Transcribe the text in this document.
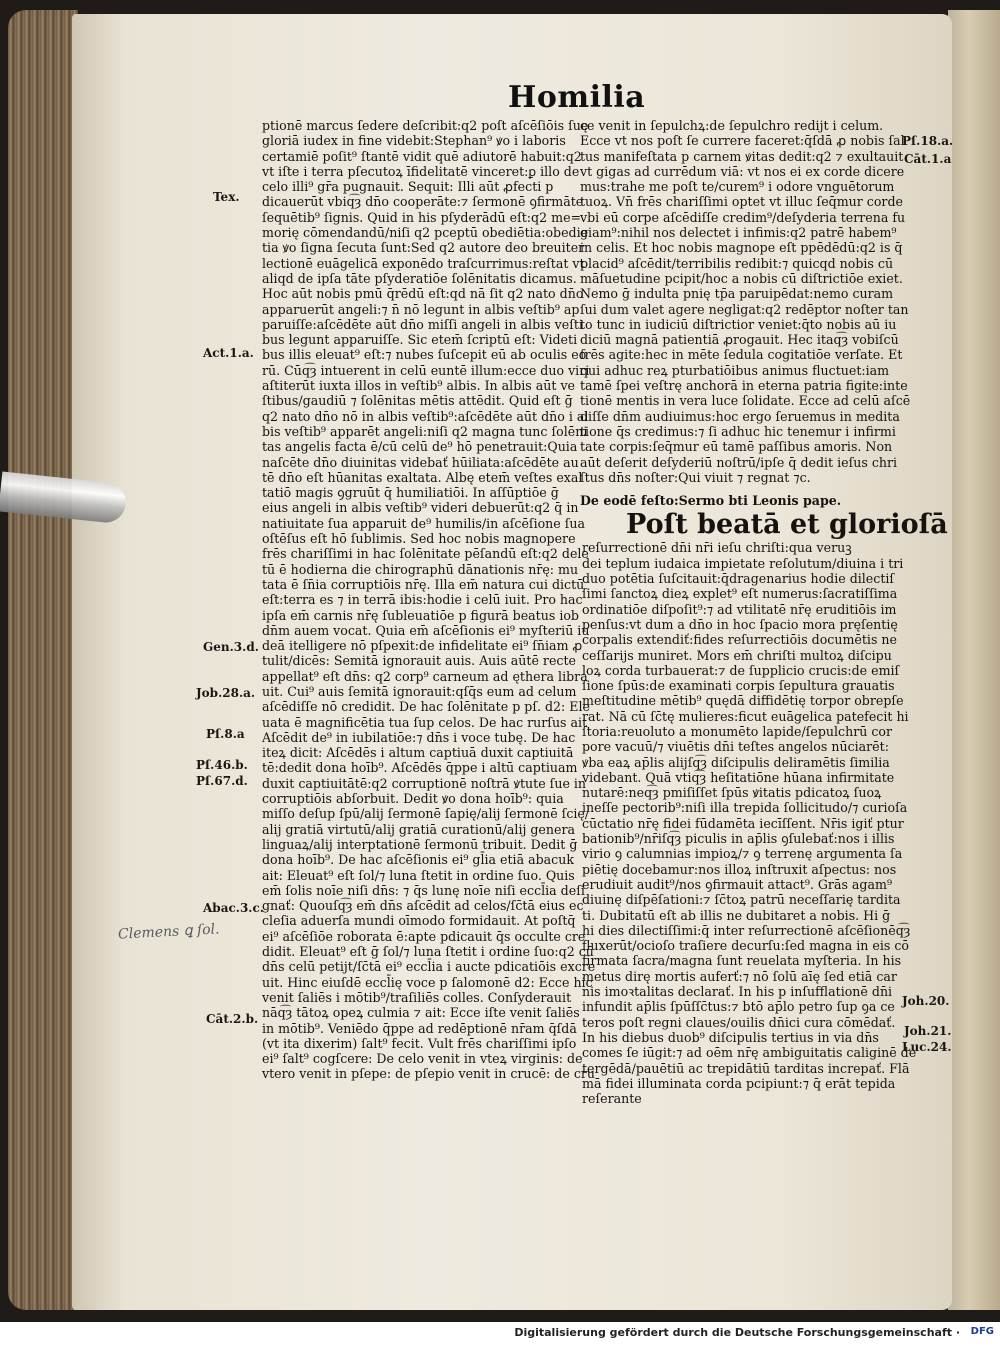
Homilia
ptionē marcus ſedere deſcribit:q2 poſt aſcēſiōis ſuę
gloriā iudex in fine videbit:Stephan⁹ ꝟo i laboris
certamiē poſit⁹ ſtantē vidit quē adiutorē habuit:q2
vt iſte i terra pſecutoꝝ īfidelitatē vinceret:ꝑ illo de
celo illi⁹ gr̄a pugnauit. Sequit: Illi aūt ꝓfecti p
dicauerūt vbiq͡ȝ dn̄o cooperāte:⁊ ſermonē ꝯfirmāte
ſequētib⁹ ſignis. Quid in his pſyderādū eſt:q2 me=
morię cōmendandū/niſi q2 pceptū obediētia:obedie
tia ꝟo ſigna ſecuta ſunt:Sed q2 autore deo breuiter
lectionē euāgelicā exponēdo traſcurrimus:reſtat vt
aliqd de ipſa tāte pſyderatiōe ſolēnitatis dicamus.
Hoc aūt nobis pmū q̄rēdū eſt:qd nā ſit q2 nato dn̄o
apparuerūt angeli:⁊ n̄ nō legunt in albis veſtib⁹ ap
paruiſſe:aſcēdēte aūt dn̄o miſſi angeli in albis veſti
bus legunt apparuiſſe. Sic etem̄ ſcriptū eſt: Videti
bus illis eleuat⁹ eſt:⁊ nubes ſuſcepit eū ab oculis eo
rū. Cūq͡ȝ intuerent in celū euntē illum:ecce duo viri
aſtiterūt iuxta illos in veſtib⁹ albis. In albis aūt ve
ſtibus/gaudiū ⁊ ſolēnitas mētis attēdit. Quid eſt ḡ
q2 nato dn̄o nō in albis veſtib⁹:aſcēdēte aūt dn̄o i al
bis veſtib⁹ apparēt angeli:niſi q2 magna tunc ſolēni
tas angelis facta ē/cū celū de⁹ hō penetrauit:Quia
naſcēte dn̄o diuinitas videbať hūiliata:aſcēdēte au
tē dn̄o eſt hūanitas exaltata. Albę etem̄ veſtes exal
tatiō magis ꝯgruūt q̄ humiliatiōi. In aſſūptiōe ḡ
eius angeli in albis veſtib⁹ videri debuerūt:q2 q̄ in
natiuitate ſua apparuit de⁹ humilis/in aſcēſione ſua
oſtēſus eſt hō ſublimis. Sed hoc nobis magnopere
frēs chariſſimi in hac ſolēnitate pēſandū eſt:q2 dele
tū ē hodierna die chirographū dānationis nr̄ę: mu
tata ē ſn̄ia corruptiōis nr̄ę. Illa em̄ natura cui dictū
eſt:terra es ⁊ in terrā ibis:hodie i celū iuit. Pro hac
ipſa em̄ carnis nr̄ę ſubleuatiōe p figurā beatus iob
dn̄m auem vocat. Quia em̄ aſcēſionis ei⁹ myſteriū iu
deā itelligere nō pſpexit:de infidelitate ei⁹ ſn̄iam ꝓ
tulit/dicēs: Semitā ignorauit auis. Auis aūtē recte
appellat⁹ eſt dn̄s: q2 corp⁹ carneum ad ęthera libra
uit. Cui⁹ auis ſemitā ignorauit:qſq̄s eum ad celum
aſcēdiſſe nō credidit. De hac ſolēnitate p pſ. d2: Ele
uata ē magnificētia tua ſup celos. De hac rurſus ait
Aſcēdit de⁹ in iubilatiōe:⁊ dn̄s i voce tubę. De hac
iteꝝ dicit: Aſcēdēs i altum captiuā duxit captiuitā
tē:dedit dona hoīb⁹. Aſcēdēs q̄ppe i altū captiuam
duxit captiuitātē:q2 corruptionē noſtrā ꝟtute ſue in
corruptiōis abſorbuit. Dedit ꝟo dona hoīb⁹: quia
miſſo deſup ſpū/alij ſermonē ſapię/alij ſermonē ſcię/
alij gratiā virtutū/alij gratiā curationū/alij genera
linguaꝝ/alij interptationē ſermonū tribuit. Dedit ḡ
dona hoīb⁹. De hac aſcēſionis ei⁹ gl̄ia etiā abacuk
ait: Eleuat⁹ eſt ſol/⁊ luna ſtetit in ordine ſuo. Quis
em̄ ſolis noīe niſi dn̄s: ⁊ q̄s lunę noīe niſi eccl̄ia deſi
gnať: Quouſq͡ȝ em̄ dn̄s aſcēdit ad celos/ſc̄tā eius ec
cleſia aduerſa mundi oīmodo formidauit. At poſtq̄
ei⁹ aſcēſiōe roborata ē:apte pdicauit q̄s occulte cre
didit. Eleuat⁹ eſt ḡ ſol/⁊ luna ſtetit i ordine ſuo:q2 cū
dn̄s celū petijt/ſc̄tā ei⁹ eccl̄ia i aucte pdicatiōis excre
uit. Hinc eiuſdē eccl̄ię voce p ſalomonē d2: Ecce hic
venit ſaliēs i mōtib⁹/traſiliēs colles. Conſyderauit
nāq͡ȝ tātoꝝ opeꝝ culmia ⁊ ait: Ecce iſte venit ſaliēs
in mōtib⁹. Veniēdo q̄ppe ad redēptionē nr̄am q̄ſdā
(vt ita dixerim) ſalt⁹ fecit. Vult frēs chariſſimi ipſo
ei⁹ ſalt⁹ cogſcere: De celo venit in vteꝝ virginis: de
vtero venit in pſepe: de pſepio venit in crucē: de cru
ce venit in ſepulchꝝ:de ſepulchro redijt i celum.
Ecce vt nos poſt ſe currere faceret:q̄ſdā ꝓ nobis ſal
tus manifeſtata p carnem ꝟitas dedit:q2 ⁊ exultauit
vt gigas ad currēdum viā: vt nos ei ex corde dicere
mus:trahe me poſt te/curem⁹ i odore vnguētorum
tuoꝝ. Vn̄ frēs chariſſimi optet vt illuc ſeq̄mur corde
vbi eū corpe aſcēdiſſe credim⁹/deſyderia terrena fu
giam⁹:nihil nos delectet i infimis:q2 patrē habem⁹
in celis. Et hoc nobis magnope eſt ppēdēdū:q2 is q̄
placid⁹ aſcēdit/terribilis redibit:⁊ quicqd nobis cū
māſuetudine pcipit/hoc a nobis cū diſtrictiōe exiet.
Nemo ḡ indulta pnię tp̄a paruipēdat:nemo curam
ſui dum valet agere negligat:q2 redēptor noſter tan
to tunc in iudiciū diſtrictior veniet:q̄to nobis aū iu
diciū magnā patientiā ꝓrogauit. Hec itaq͡ȝ vobiſcū
frēs agite:hec in mēte ſedula cogitatiōe verſate. Et
qui adhuc reꝝ pturbatiōibus animus fluctuet:iam
tamē ſpei veſtrę anchorā in eterna patria figite:inte
tionē mentis in vera luce ſolidate. Ecce ad celū aſcē
diſſe dn̄m audiuimus:hoc ergo ſeruemus in medita
tione q̄s credimus:⁊ ſi adhuc hic tenemur i infirmi
tate corpis:ſeq̄mur eū tamē paſſibus amoris. Non
aūt deſerit deſyderiū noſtrū/ipſe q̄ dedit ieſus chri
ſtus dn̄s noſter:Qui viuit ⁊ regnat ⁊c.
De eodē feſto:Sermo bti Leonis pape.
Poſt beatā et glorioſā
reſurrectionē dn̄i nr̄i ieſu chriſti:qua veruꝫ
dei teplum iudaica impietate reſolutum/diuina i tri
duo potētia ſuſcitauit:q̄dragenarius hodie dilectiſ
ſimi ſanctoꝝ dieꝝ explet⁹ eſt numerus:ſacratiſſima
ordinatiōe diſpoſit⁹:⁊ ad vtilitatē nr̄ę eruditiōis im
penſus:vt dum a dn̄o in hoc ſpacio mora pręſentię
corpalis extendiť:fides reſurrectiōis documētis ne
ceſſarijs muniret. Mors em̄ chriſti multoꝝ diſcipu
loꝝ corda turbauerat:⁊ de ſupplicio crucis:de emiſ
ſione ſpūs:de examinati corpis ſepultura grauatis
meſtitudine mētib⁹ quędā diffidētię torpor obrepſe
rat. Nā cū ſc̄tę mulieres:ficut euāgelica patefecit hi
ſtoria:reuoluto a monumēto lapide/ſepulchrū cor
pore vacuū/⁊ viuētis dn̄i teſtes angelos nūciarēt:
ꝟba eaꝝ ap̄lis alijſq͡ȝ diſcipulis deliramētis ſimilia
videbant. Quā vtiq͡ȝ heſitatiōne hūana infirmitate
nutarē:neq͡ȝ pmiſiſſet ſpūs ꝟitatis pdicatoꝝ ſuoꝝ
ineſſe pectorib⁹:niſi illa trepida ſollicitudo/⁊ curioſa
cūctatio nr̄ę fidei fūdamēta iecīſſent. Nr̄is igiť ptur
bationib⁹/nr̄iſq͡ȝ piculis in ap̄lis ꝯſulebať:nos i illis
virio ꝯ calumnias impioꝝ/⁊ ꝯ terrenę argumenta ſa
piētię docebamur:nos illoꝝ inſtruxit aſpectus: nos
erudiuit audit⁹/nos ꝯfirmauit attact⁹. Grās agam⁹
diuinę diſpēſationi:⁊ ſc̄toꝝ patrū neceſſarię tardita
ti. Dubitatū eſt ab illis ne dubitaret a nobis. Hi ḡ
hi dies dilectiſſimi:q̄ inter reſurrectionē aſcēſionēq͡ȝ
fluxerūt/ocioſo traſiere decurſu:ſed magna in eis cō
firmata ſacra/magna ſunt reuelata myſteria. In his
metus dirę mortis auferť:⁊ nō ſolū aīę ſed etiā car
nis imoꝛtalitas declarať. In his p inſufflationē dn̄i
infundit ap̄lis ſpūſſc̄tus:⁊ btō ap̄lo petro ſup ꝯa ce
teros poſt regni claues/ouilis dn̄ici cura cōmēdať.
In his diebus duob⁹ diſcipulis tertius in via dn̄s
comes ſe iūgit:⁊ ad oēm nr̄ę ambiguitatis caliginē de
tergēdā/pauētiū ac trepidātiū tarditas increpať. Flā
mā fidei illuminata corda pcipiunt:⁊ q̄ erāt tepida
reſerante
Tex.
Act.1.a.
Gen.3.d.
Job.28.a.
Pſ.8.a
Pſ.46.b.
Pſ.67.d.
Abac.3.c.
Cāt.2.b.
Pſ.18.a.
Cāt.1.a
Joh.20.
Joh.21.
Luc.24.
Clemens ꝗ ſol.
Digitalisierung gefördert durch die Deutsche Forschungsgemeinschaft · DFG
